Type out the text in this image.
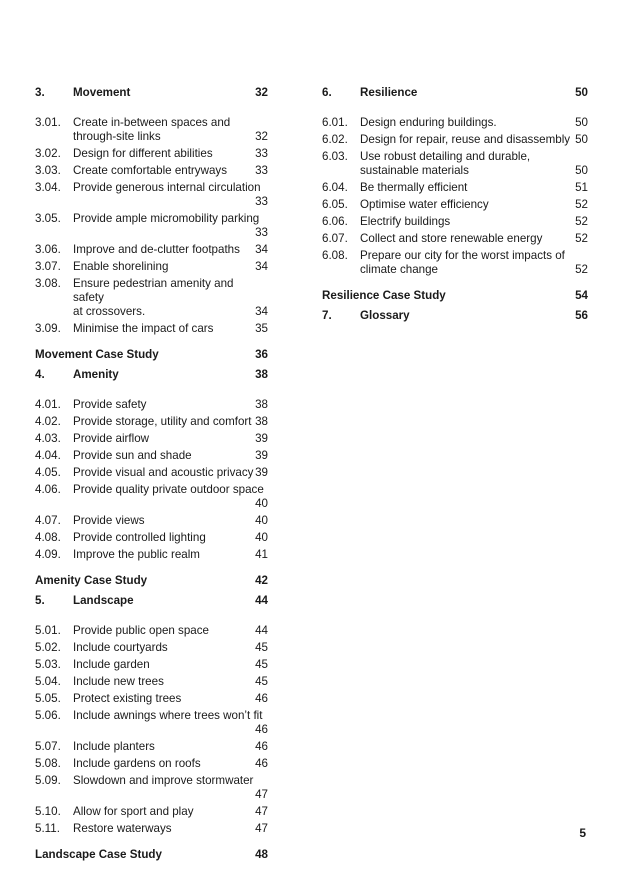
3. Movement	32
3.01. Create in-between spaces and
through-site links	32
3.02. Design for different abilities	33
3.03. Create comfortable entryways	33
3.04. Provide generous internal circulation
33
3.05. Provide ample micromobility parking
33
3.06. Improve and de-clutter footpaths	34
3.07. Enable shorelining	34
3.08. Ensure pedestrian amenity and safety
at crossovers.	34
3.09. Minimise the impact of cars	35
Movement Case Study	36
4. Amenity	38
4.01. Provide safety	38
4.02. Provide storage, utility and comfort 38
4.03. Provide airflow	39
4.04. Provide sun and shade	39
4.05. Provide visual and acoustic privacy 39
4.06. Provide quality private outdoor space
40
4.07. Provide views	40
4.08. Provide controlled lighting	40
4.09. Improve the public realm	41
Amenity Case Study	42
5. Landscape	44
5.01. Provide public open space	44
5.02. Include courtyards	45
5.03. Include garden	45
5.04. Include new trees	45
5.05. Protect existing trees	46
5.06. Include awnings where trees won’t fit
46
5.07. Include planters	46
5.08. Include gardens on roofs	46
5.09. Slowdown and improve stormwater
47
5.10. Allow for sport and play	47
5.11. Restore waterways	47
Landscape Case Study	48
6. Resilience	50
6.01. Design enduring buildings.	50
6.02. Design for repair, reuse and disassembly 50
6.03. Use robust detailing and durable,
sustainable materials	50
6.04. Be thermally efficient	51
6.05. Optimise water efficiency	52
6.06. Electrify buildings	52
6.07. Collect and store renewable energy	52
6.08. Prepare our city for the worst impacts of
climate change	52
Resilience Case Study	54
7. Glossary	56
5
